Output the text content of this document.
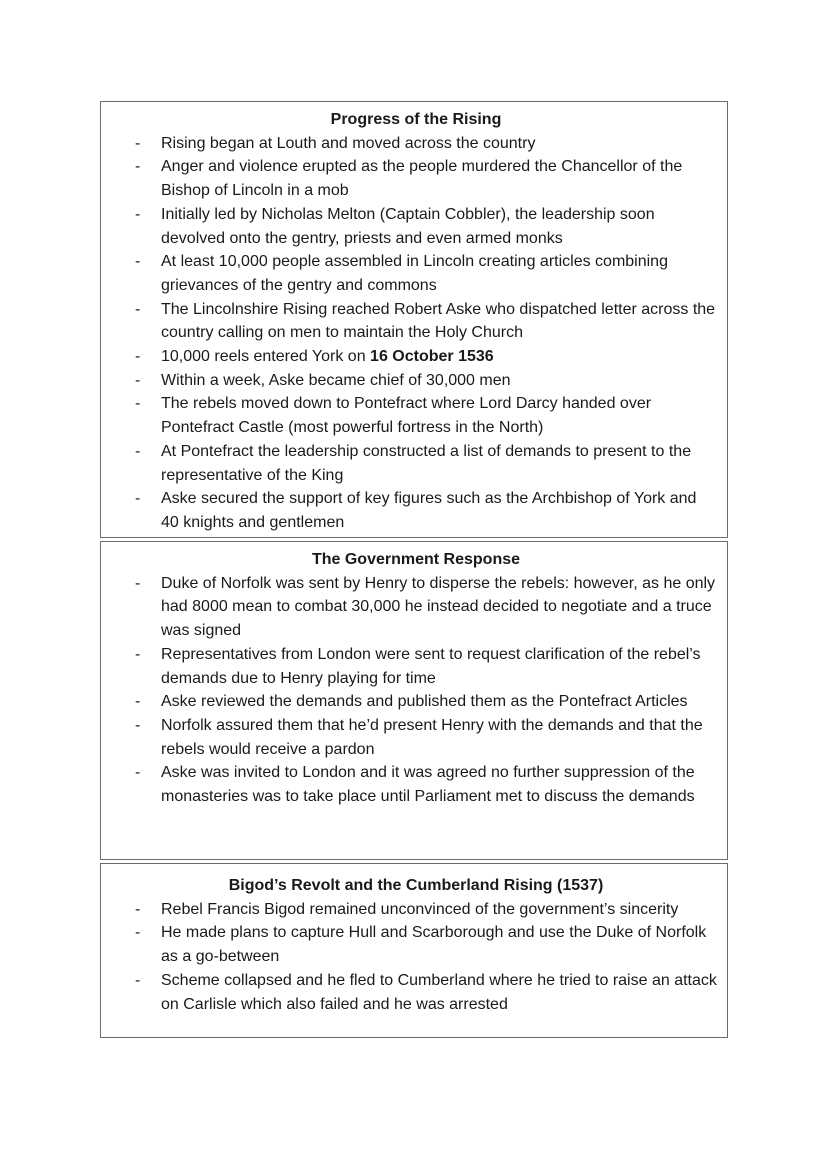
Progress of the Rising
- Rising began at Louth and moved across the country
- Anger and violence erupted as the people murdered the Chancellor of the Bishop of Lincoln in a mob
- Initially led by Nicholas Melton (Captain Cobbler), the leadership soon devolved onto the gentry, priests and even armed monks
- At least 10,000 people assembled in Lincoln creating articles combining grievances of the gentry and commons
- The Lincolnshire Rising reached Robert Aske who dispatched letter across the country calling on men to maintain the Holy Church
- 10,000 reels entered York on 16 October 1536
- Within a week, Aske became chief of 30,000 men
- The rebels moved down to Pontefract where Lord Darcy handed over Pontefract Castle (most powerful fortress in the North)
- At Pontefract the leadership constructed a list of demands to present to the representative of the King
- Aske secured the support of key figures such as the Archbishop of York and 40 knights and gentlemen
The Government Response
- Duke of Norfolk was sent by Henry to disperse the rebels: however, as he only had 8000 mean to combat 30,000 he instead decided to negotiate and a truce was signed
- Representatives from London were sent to request clarification of the rebel’s demands due to Henry playing for time
- Aske reviewed the demands and published them as the Pontefract Articles
- Norfolk assured them that he’d present Henry with the demands and that the rebels would receive a pardon
- Aske was invited to London and it was agreed no further suppression of the monasteries was to take place until Parliament met to discuss the demands
Bigod’s Revolt and the Cumberland Rising (1537)
- Rebel Francis Bigod remained unconvinced of the government’s sincerity
- He made plans to capture Hull and Scarborough and use the Duke of Norfolk as a go-between
- Scheme collapsed and he fled to Cumberland where he tried to raise an attack on Carlisle which also failed and he was arrested
